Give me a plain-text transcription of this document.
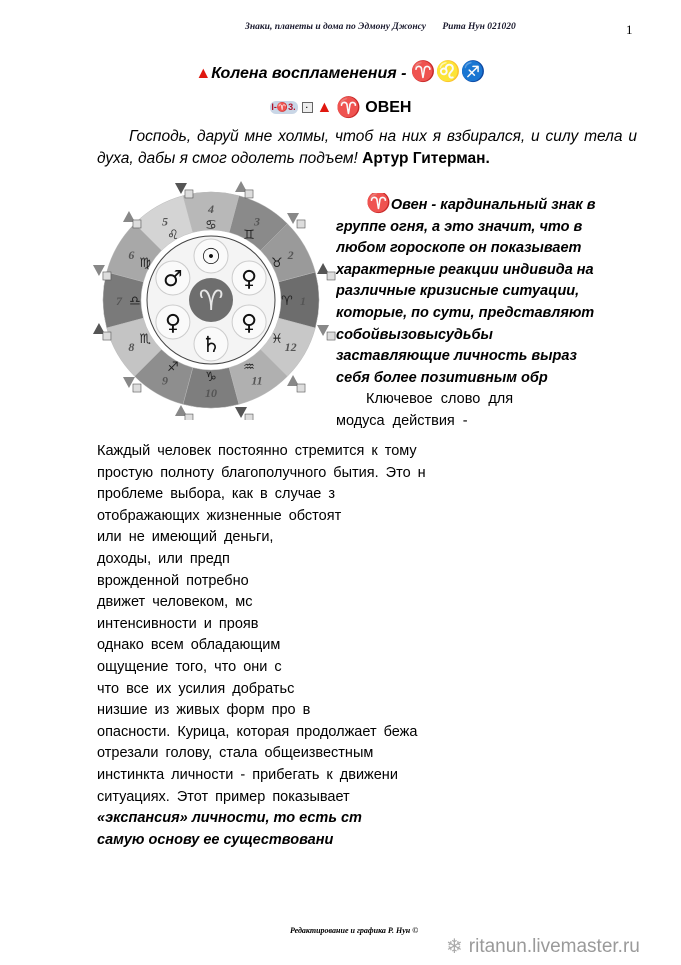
Знаки, планеты и дома по Эдмону Джонсу Рита Нун 021020	1
▲Колена воспламенения - ♈♌♐
I-♈3.	· ▲ ♈ ОВЕН
Господь, даруй мне холмы, чтоб на них я взбирался, и силу тела и духа, дабы я смог одолеть подъем! Артур Гитерман.
1
♈
2
♉
3
♊
4
♋
5
♌
6
♍
7 ♎
8 ♏
9
♐
10
♑	11
♒
12
♓
☉
♀
♀
♄
♀
♂
♈
♈Овен - кардинальный знак в
группе огня, а это значит, что в
любом гороскопе он показывает
характерные реакции индивида на
различные кризисные ситуации,
которые, по сути, представляют
собойвызовысудьбы
заставляющие личность выраз
себя более позитивным обр
Ключевое слово для
модуса действия -
Каждый человек постоянно стремится к тому
простую полноту благополучного бытия. Это н
проблеме выбора, как в случае з
отображающих жизненные обстоят
или не имеющий деньги,
доходы, или предп
врожденной потребно
движет человеком, мс
интенсивности и прояв
однако всем обладающим
ощущение того, что они с
что все их усилия добратьс
низшие из живых форм про в
опасности. Курица, которая продолжает бежа
отрезали голову, стала общеизвестным
инстинкта личности - прибегать к движени
ситуациях. Этот пример показывает
«экспансия» личности, то есть ст
самую основу ее существовани
Редактирование и графика Р. Нун ©
❄ ritanun.livemaster.ru
